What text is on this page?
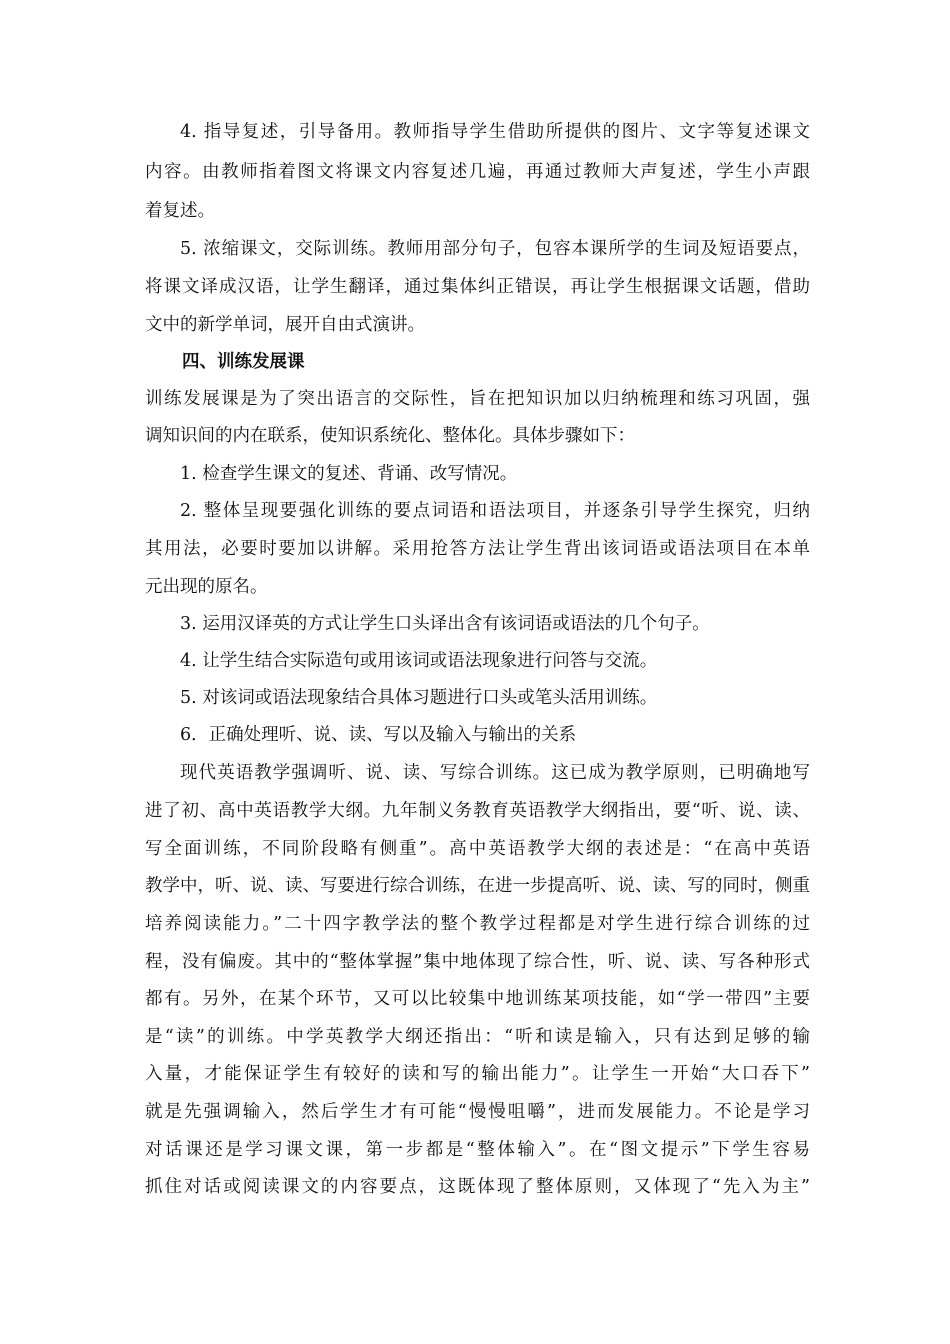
4. 指导复述，引导备用。教师指导学生借助所提供的图片、文字等复述课文
内容。由教师指着图文将课文内容复述几遍，再通过教师大声复述，学生小声跟
着复述。
5. 浓缩课文，交际训练。教师用部分句子，包容本课所学的生词及短语要点，
将课文译成汉语，让学生翻译，通过集体纠正错误，再让学生根据课文话题，借助
文中的新学单词，展开自由式演讲。
四、训练发展课
训练发展课是为了突出语言的交际性，旨在把知识加以归纳梳理和练习巩固，强
调知识间的内在联系，使知识系统化、整体化。具体步骤如下：
1. 检查学生课文的复述、背诵、改写情况。
2. 整体呈现要强化训练的要点词语和语法项目，并逐条引导学生探究，归纳
其用法，必要时要加以讲解。采用抢答方法让学生背出该词语或语法项目在本单
元出现的原名。
3. 运用汉译英的方式让学生口头译出含有该词语或语法的几个句子。
4. 让学生结合实际造句或用该词或语法现象进行问答与交流。
5. 对该词或语法现象结合具体习题进行口头或笔头活用训练。
6．正确处理听、说、读、写以及输入与输出的关系
现代英语教学强调听、说、读、写综合训练。这已成为教学原则，已明确地写
进了初、高中英语教学大纲。九年制义务教育英语教学大纲指出，要“听、说、读、
写全面训练，不同阶段略有侧重”。高中英语教学大纲的表述是：“在高中英语
教学中，听、说、读、写要进行综合训练，在进一步提高听、说、读、写的同时，侧重
培养阅读能力。”二十四字教学法的整个教学过程都是对学生进行综合训练的过
程，没有偏废。其中的“整体掌握”集中地体现了综合性，听、说、读、写各种形式
都有。另外，在某个环节，又可以比较集中地训练某项技能，如“学一带四”主要
是“读”的训练。中学英教学大纲还指出：“听和读是输入，只有达到足够的输
入量，才能保证学生有较好的读和写的输出能力”。让学生一开始“大口吞下”
就是先强调输入，然后学生才有可能“慢慢咀嚼”，进而发展能力。不论是学习
对话课还是学习课文课，第一步都是“整体输入”。在“图文提示”下学生容易
抓住对话或阅读课文的内容要点，这既体现了整体原则，又体现了“先入为主”
